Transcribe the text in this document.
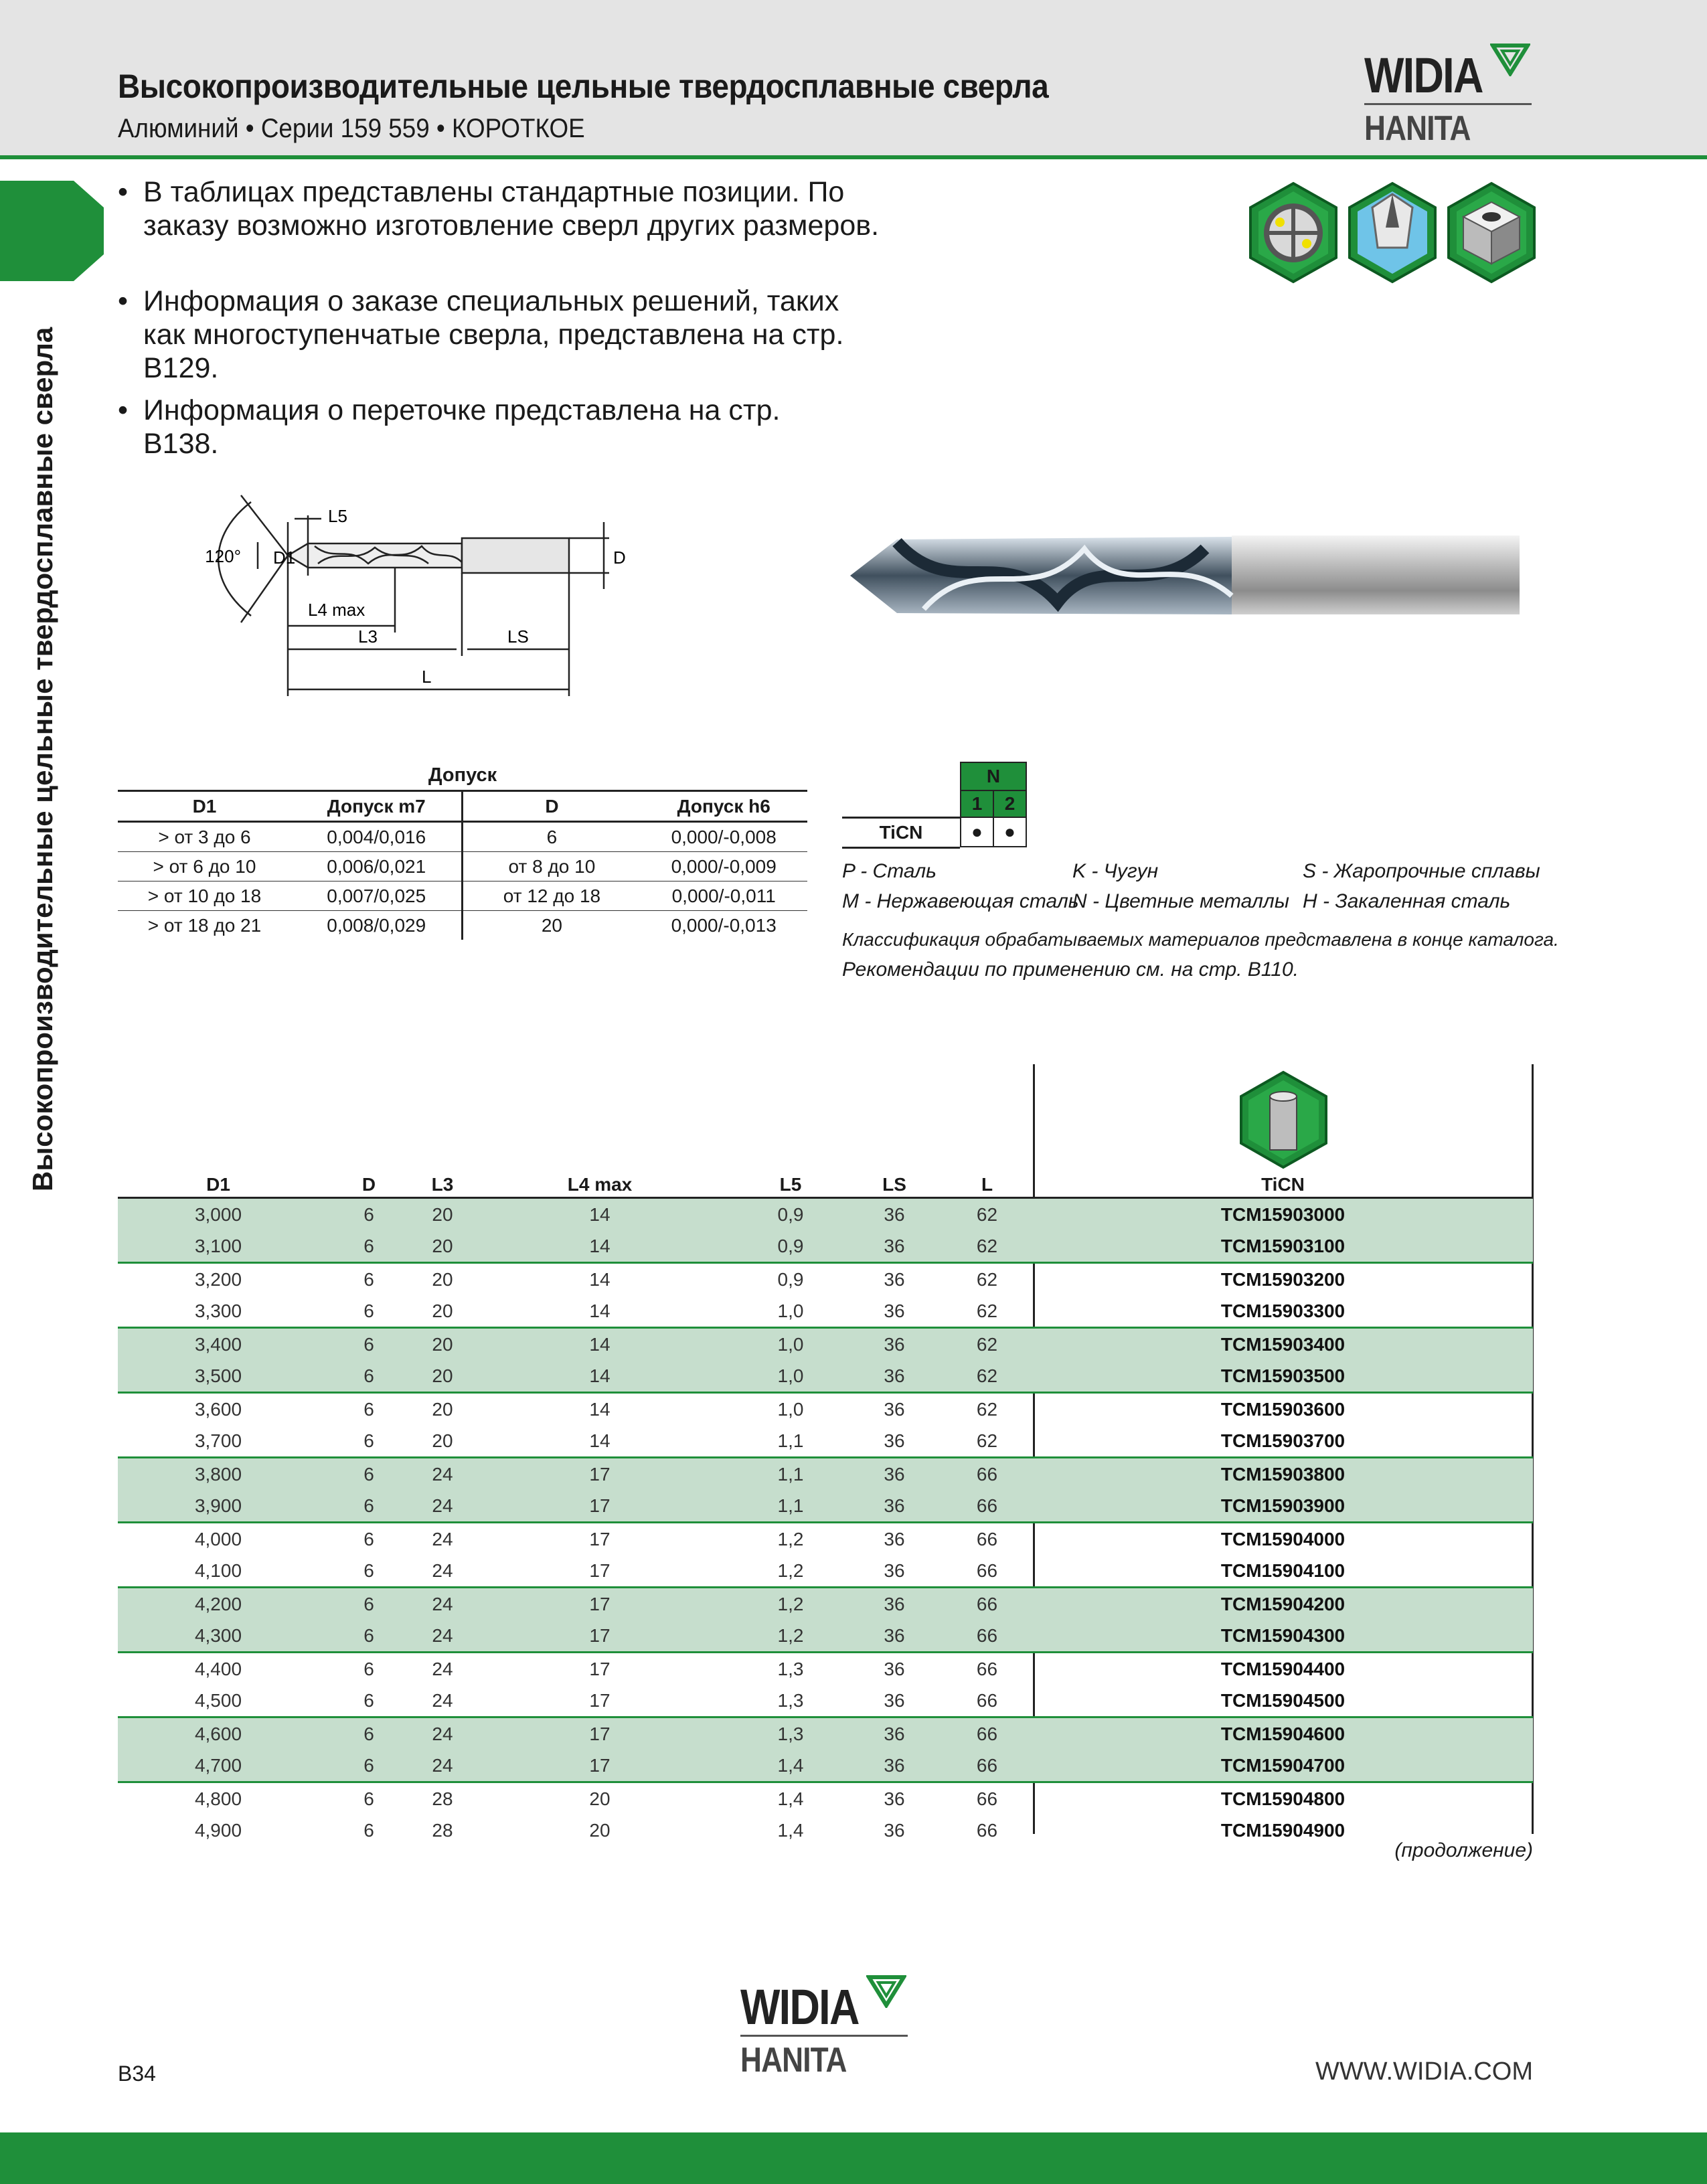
Высокопроизводительные цельные твердосплавные сверла
Алюминий • Серии 159 559 • КОРОТКОЕ
WIDIA
HANITA
Высокопроизводительные цельные твердосплавные сверла
• В таблицах представлены стандартные позиции. По заказу возможно изготовление сверл других размеров.
• Информация о заказе специальных решений, таких как многоступенчатые сверла, представлена на стр. B129.
• Информация о переточке представлена на стр. B138.
120°
L5
D1	D
L4 max
L3	LS
L
Допуск
D1	Допуск m7	D	Допуск h6
> от 3 до 6	0,004/0,016	6	0,000/-0,008
> от 6 до 10	0,006/0,021	от 8 до 10	0,000/-0,009
> от 10 до 18	0,007/0,025	от 12 до 18	0,000/-0,011
> от 18 до 21	0,008/0,029	20	0,000/-0,013
N
1	2
TiCN	●	●
P - Сталь	K - Чугун	S - Жаропрочные сплавы
M - Нержавеющая сталь
N - Цветные металлы H - Закаленная сталь
Классификация обрабатываемых материалов представлена в конце каталога.
Рекомендации по применению см. на стр. B110.
D1	D	L3	L4 max	L5	LS	L	TiCN
3,000	6	20	14	0,9	36	62	TCM15903000
3,100	6	20	14	0,9	36	62	TCM15903100
3,200	6	20	14	0,9	36	62	TCM15903200
3,300	6	20	14	1,0	36	62	TCM15903300
3,400	6	20	14	1,0	36	62	TCM15903400
3,500	6	20	14	1,0	36	62	TCM15903500
3,600	6	20	14	1,0	36	62	TCM15903600
3,700	6	20	14	1,1	36	62	TCM15903700
3,800	6	24	17	1,1	36	66	TCM15903800
3,900	6	24	17	1,1	36	66	TCM15903900
4,000	6	24	17	1,2	36	66	TCM15904000
4,100	6	24	17	1,2	36	66	TCM15904100
4,200	6	24	17	1,2	36	66	TCM15904200
4,300	6	24	17	1,2	36	66	TCM15904300
4,400	6	24	17	1,3	36	66	TCM15904400
4,500	6	24	17	1,3	36	66	TCM15904500
4,600	6	24	17	1,3	36	66	TCM15904600
4,700	6	24	17	1,4	36	66	TCM15904700
4,800	6	28	20	1,4	36	66	TCM15904800
4,900	6	28	20	1,4	36	66	TCM15904900
(продолжение)
WIDIA
HANITA
B34	WWW.WIDIA.COM
